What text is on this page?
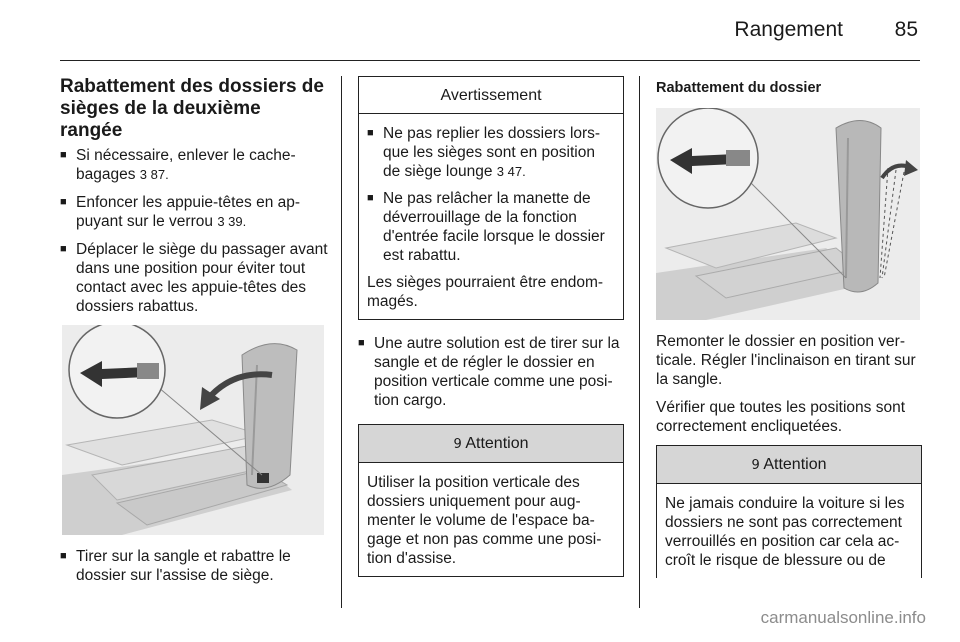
Rangement 85
Rabattement des dossiers de sièges de la deuxième rangée
■ Si nécessaire, enlever le cache-bagages 3 87.
■ Enfoncer les appuie-têtes en ap-puyant sur le verrou 3 39.
■ Déplacer le siège du passager avant dans une position pour éviter tout contact avec les appuie-têtes des dossiers rabattus.
■ Tirer sur la sangle et rabattre le dossier sur l'assise de siège.
Avertissement
■ Ne pas replier les dossiers lors-que les sièges sont en position de siège lounge 3 47.
■ Ne pas relâcher la manette de déverrouillage de la fonction d'entrée facile lorsque le dossier est rabattu.
Les sièges pourraient être endom-magés.
■ Une autre solution est de tirer sur la sangle et de régler le dossier en position verticale comme une posi-tion cargo.
9 Attention
Utiliser la position verticale des dossiers uniquement pour aug-menter le volume de l'espace ba-gage et non pas comme une posi-tion d'assise.
Rabattement du dossier

Remonter le dossier en position ver-ticale. Régler l'inclinaison en tirant sur la sangle.

Vérifier que toutes les positions sont correctement encliquetées.

9 Attention
Ne jamais conduire la voiture si les dossiers ne sont pas correctement verrouillés en position car cela ac-croît le risque de blessure ou de
carmanualsonline.info
